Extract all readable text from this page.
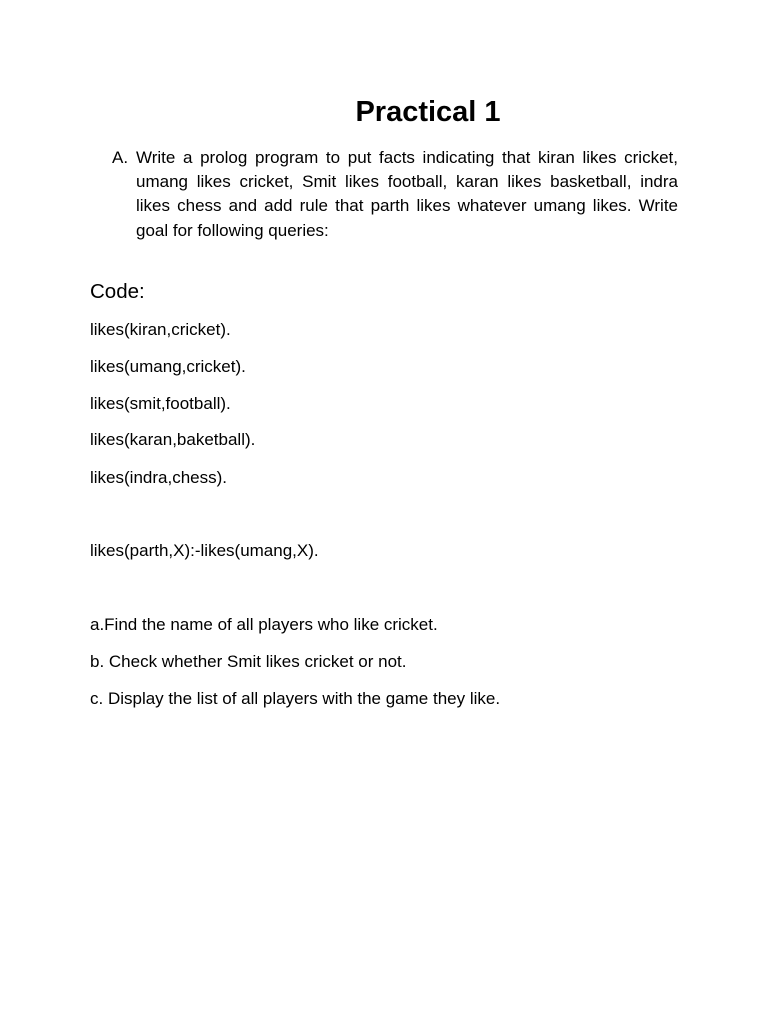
Practical 1
A. Write a prolog program to put facts indicating that kiran likes cricket, umang likes cricket, Smit likes football, karan likes basketball, indra likes chess and add rule that parth likes whatever umang likes. Write goal for following queries:

Code:

likes(kiran,cricket).

likes(umang,cricket).

likes(smit,football).

likes(karan,baketball).

likes(indra,chess).

likes(parth,X):-likes(umang,X).

a.Find the name of all players who like cricket.

b. Check whether Smit likes cricket or not.

c. Display the list of all players with the game they like.
